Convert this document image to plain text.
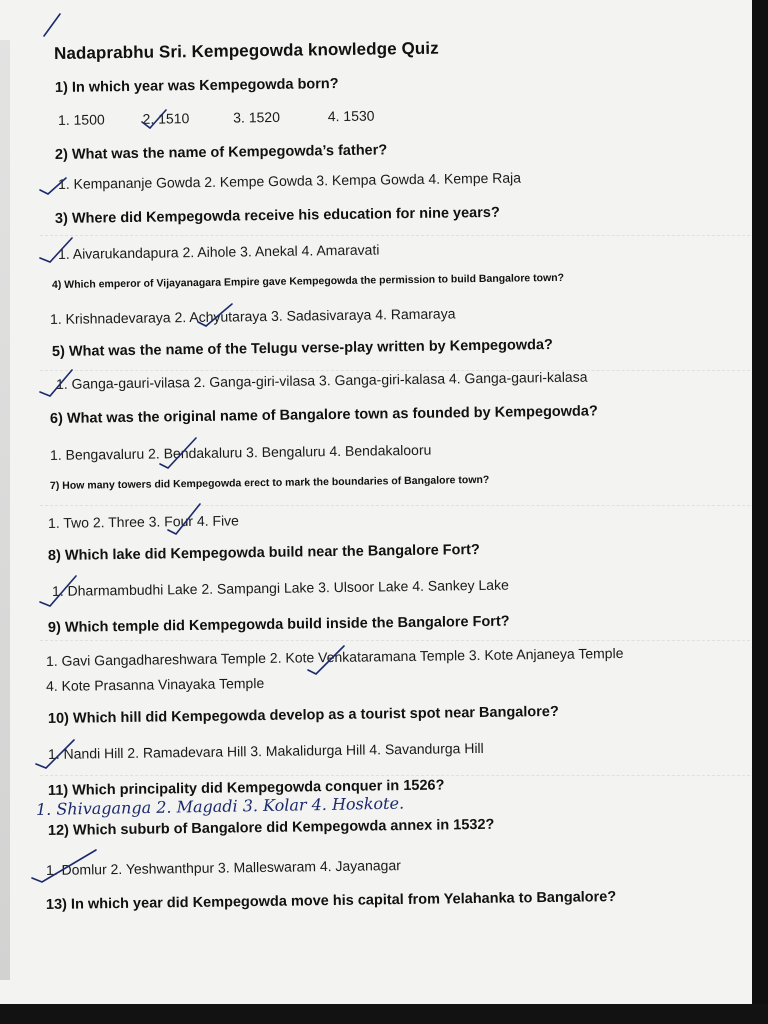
Nadaprabhu Sri. Kempegowda knowledge Quiz
1) In which year was Kempegowda born?
1. 1500	2. 1510	3. 1520	4. 1530
2) What was the name of Kempegowda’s father?
1. Kempananje Gowda 2. Kempe Gowda 3. Kempa Gowda 4. Kempe Raja
3) Where did Kempegowda receive his education for nine years?
1. Aivarukandapura 2. Aihole 3. Anekal 4. Amaravati
4) Which emperor of Vijayanagara Empire gave Kempegowda the permission to build Bangalore town?
1. Krishnadevaraya 2. Achyutaraya 3. Sadasivaraya 4. Ramaraya
5) What was the name of the Telugu verse-play written by Kempegowda?
1. Ganga-gauri-vilasa 2. Ganga-giri-vilasa 3. Ganga-giri-kalasa 4. Ganga-gauri-kalasa
6) What was the original name of Bangalore town as founded by Kempegowda?
1. Bengavaluru 2. Bendakaluru 3. Bengaluru 4. Bendakalooru
7) How many towers did Kempegowda erect to mark the boundaries of Bangalore town?
1. Two 2. Three 3. Four 4. Five
8) Which lake did Kempegowda build near the Bangalore Fort?
1. Dharmambudhi Lake 2. Sampangi Lake 3. Ulsoor Lake 4. Sankey Lake
9) Which temple did Kempegowda build inside the Bangalore Fort?
1. Gavi Gangadhareshwara Temple 2. Kote Venkataramana Temple 3. Kote Anjaneya Temple
4. Kote Prasanna Vinayaka Temple
10) Which hill did Kempegowda develop as a tourist spot near Bangalore?
1. Nandi Hill 2. Ramadevara Hill 3. Makalidurga Hill 4. Savandurga Hill
11) Which principality did Kempegowda conquer in 1526?
1. Shivaganga 2. Magadi 3. Kolar 4. Hoskote.
12) Which suburb of Bangalore did Kempegowda annex in 1532?
1. Domlur 2. Yeshwanthpur 3. Malleswaram 4. Jayanagar
13) In which year did Kempegowda move his capital from Yelahanka to Bangalore?
